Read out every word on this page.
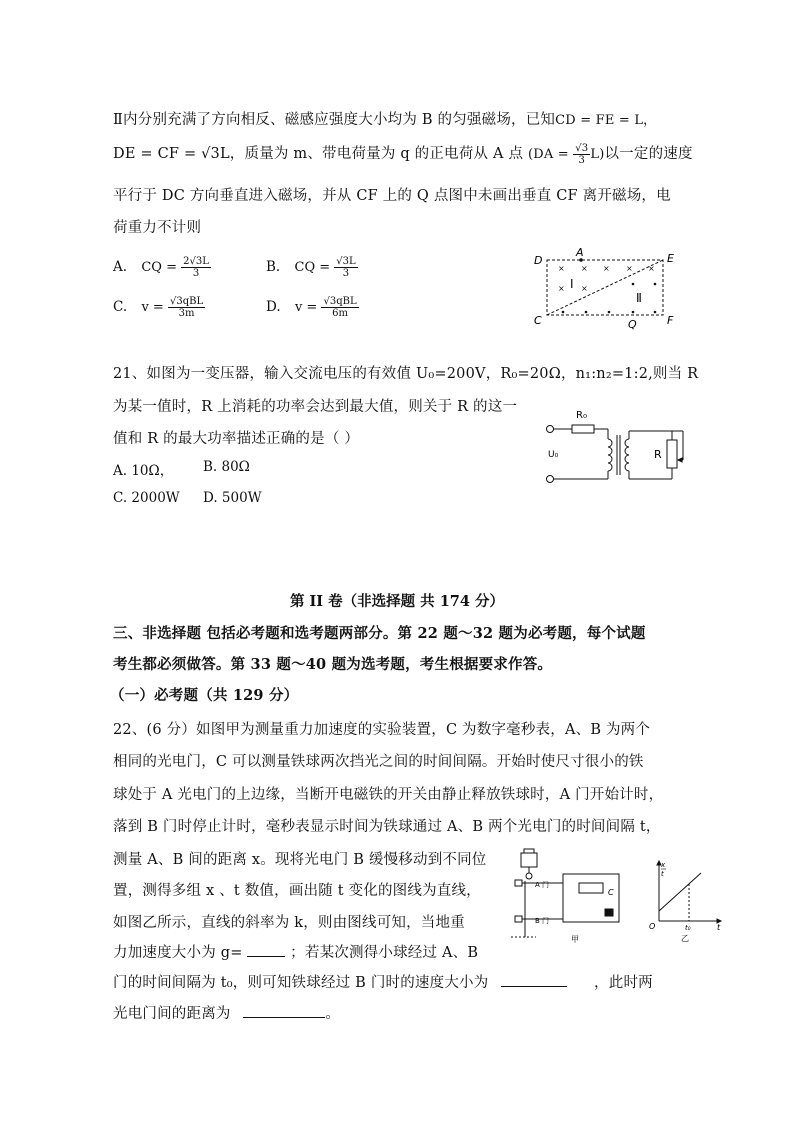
Ⅱ内分别充满了方向相反、磁感应强度大小均为 B 的匀强磁场，已知CD = FE = L，
DE = CF = √3L，质量为 m、带电荷量为 q 的正电荷从 A 点 $(DA = \frac{√3}{3} L)$以一定的速度
平行于 DC 方向垂直进入磁场，并从 CF 上的 Q 点图中未画出垂直 CF 离开磁场，电
荷重力不计则
A. CQ = $\frac{2√3L}{3}$	B. CQ = $\frac{√3L}{3}$
C. $v = \frac{\text{√3qBL}}{3m}$	D. $v = \frac{\text{√3qBL}}{6m}$
× × × × ×
× ×
D
A	E
C	Q	F
Ⅰ
Ⅱ
21、如图为一变压器，输入交流电压的有效值 U₀=200V，R₀=20Ω，n₁:n₂=1:2,则当 R
为某一值时，R 上消耗的功率会达到最大值，则关于 R 的这一
值和 R 的最大功率描述正确的是（ ）
A. 10Ω， B. 80Ω
C. 2000W D. 500W
R₀
U₀	R
第 II 卷（非选择题 共 174 分）
三、非选择题 包括必考题和选考题两部分。第 22 题～32 题为必考题，每个试题
考生都必须做答。第 33 题～40 题为选考题，考生根据要求作答。
（一）必考题（共 129 分）
22、(6 分）如图甲为测量重力加速度的实验装置，C 为数字毫秒表，A、B 为两个
相同的光电门，C 可以测量铁球两次挡光之间的时间间隔。开始时使尺寸很小的铁
球处于 A 光电门的上边缘，当断开电磁铁的开关由静止释放铁球时，A 门开始计时，
落到 B 门时停止计时，毫秒表显示时间为铁球通过 A、B 两个光电门的时间间隔 t，
测量 A、B 间的距离 x。现将光电门 B 缓慢移动到不同位
置，测得多组 x 、t 数值，画出随 t 变化的图线为直线，
如图乙所示，直线的斜率为 k，则由图线可知，当地重
力加速度大小为 g=	；若某次测得小球经过 A、B
门的时间间隔为 t₀，则可知铁球经过 B 门时的速度大小为	，此时两
光电门间的距离为	。
A 门
B 门
C
甲
x
t
O	t₀	t
乙
